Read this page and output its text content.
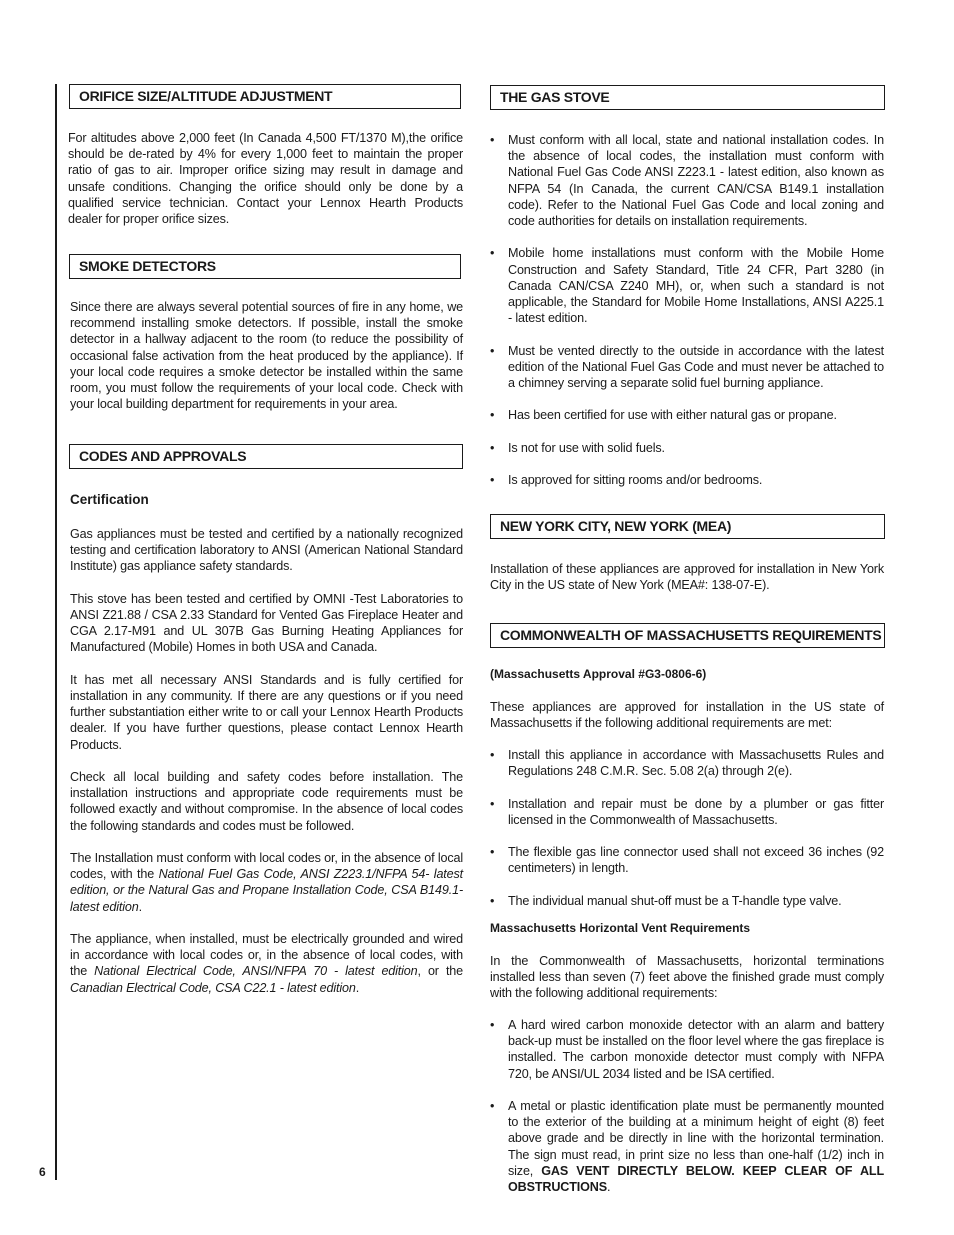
6
ORIFICE SIZE/ALTITUDE ADJUSTMENT

For altitudes above 2,000 feet (In Canada 4,500 FT/1370 M),the orifice should be de-rated by 4% for every 1,000 feet to maintain the proper ratio of gas to air. Improper orifice sizing may result in damage and unsafe conditions. Changing the orifice should only be done by a qualified service technician. Contact your Lennox Hearth Products dealer for proper orifice sizes.

SMOKE DETECTORS

Since there are always several potential sources of fire in any home, we recommend installing smoke detectors. If possible, install the smoke detector in a hallway adjacent to the room (to reduce the possibility of occasional false activation from the heat produced by the appliance). If your local code requires a smoke detector be installed within the same room, you must follow the requirements of your local code. Check with your local building department for requirements in your area.

CODES AND APPROVALS

Certification

Gas appliances must be tested and certified by a nationally recognized testing and certification laboratory to ANSI (American National Standard Institute) gas appliance safety standards.

This stove has been tested and certified by OMNI -Test Laboratories to ANSI Z21.88 / CSA 2.33 Standard for Vented Gas Fireplace Heater and CGA 2.17-M91 and UL 307B Gas Burning Heating Appliances for Manufactured (Mobile) Homes in both USA and Canada.

It has met all necessary ANSI Standards and is fully certified for installation in any community. If there are any questions or if you need further substantiation either write to or call your Lennox Hearth Products dealer. If you have further questions, please contact Lennox Hearth Products.

Check all local building and safety codes before installation. The installation instructions and appropriate code requirements must be followed exactly and without compromise. In the absence of local codes the following standards and codes must be followed.

The Installation must conform with local codes or, in the absence of local codes, with the National Fuel Gas Code, ANSI Z223.1/NFPA 54- latest edition, or the Natural Gas and Propane Installation Code, CSA B149.1- latest edition.

The appliance, when installed, must be electrically grounded and wired in accordance with local codes or, in the absence of local codes, with the National Electrical Code, ANSI/NFPA 70 - latest edition, or the Canadian Electrical Code, CSA C22.1 - latest edition.

THE GAS STOVE
•	Must conform with all local, state and national installation codes. In the absence of local codes, the installation must conform with National Fuel Gas Code ANSI Z223.1 - latest edition, also known as NFPA 54 (In Canada, the current CAN/CSA B149.1 installation code). Refer to the National Fuel Gas Code and local zoning and code authorities for details on installation requirements.
•	Mobile home installations must conform with the Mobile Home Construction and Safety Standard, Title 24 CFR, Part 3280 (in Canada CAN/CSA Z240 MH), or, when such a standard is not applicable, the Standard for Mobile Home Installations, ANSI A225.1 - latest edition.
•	Must be vented directly to the outside in accordance with the latest edition of the National Fuel Gas Code and must never be attached to a chimney serving a separate solid fuel burning appliance.
•	Has been certified for use with either natural gas or propane.
•	Is not for use with solid fuels.
•	Is approved for sitting rooms and/or bedrooms.
NEW YORK CITY, NEW YORK (MEA)

Installation of these appliances are approved for installation in New York City in the US state of New York (MEA#: 138-07-E).

COMMONWEALTH OF MASSACHUSETTS REQUIREMENTS

(Massachusetts Approval #G3-0806-6)

These appliances are approved for installation in the US state of Massachusetts if the following additional requirements are met:

•	Install this appliance in accordance with Massachusetts Rules and Regulations 248 C.M.R. Sec. 5.08 2(a) through 2(e).
•	Installation and repair must be done by a plumber or gas fitter licensed in the Commonwealth of Massachusetts.
•	The flexible gas line connector used shall not exceed 36 inches (92 centimeters) in length.
•	The individual manual shut-off must be a T-handle type valve.

Massachusetts Horizontal Vent Requirements

In the Commonwealth of Massachusetts, horizontal terminations installed less than seven (7) feet above the finished grade must comply with the following additional requirements:

•	A hard wired carbon monoxide detector with an alarm and battery back-up must be installed on the floor level where the gas fireplace is installed. The carbon monoxide detector must comply with NFPA 720, be ANSI/UL 2034 listed and be ISA certified.
•	A metal or plastic identification plate must be permanently mounted to the exterior of the building at a minimum height of eight (8) feet above grade and be directly in line with the horizontal termination. The sign must read, in print size no less than one-half (1/2) inch in size, GAS VENT DIRECTLY BELOW. KEEP CLEAR OF ALL OBSTRUCTIONS.
